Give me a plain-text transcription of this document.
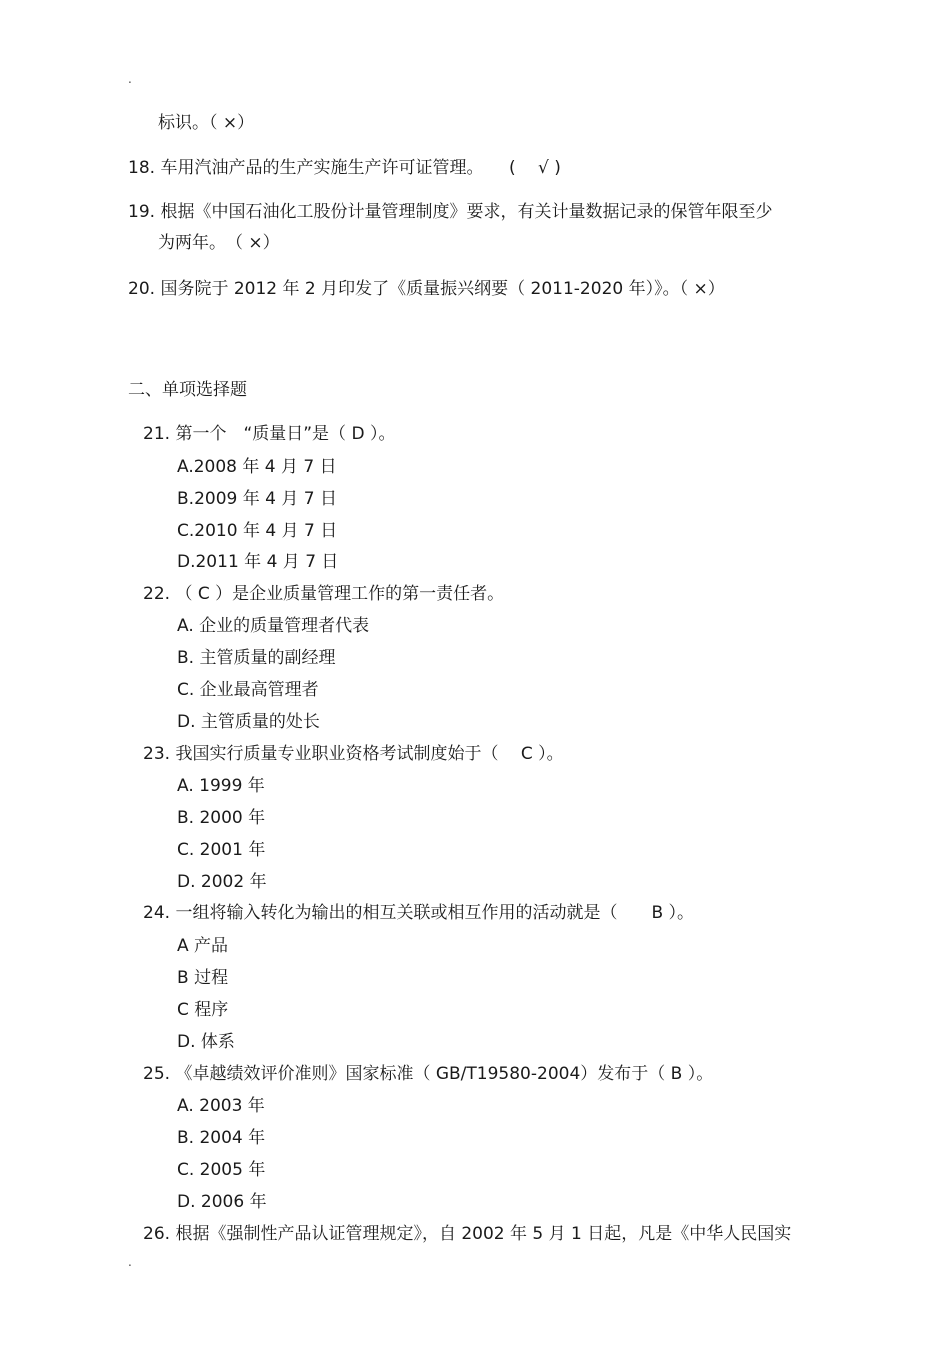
.
标识。（ ×）
18. 车用汽油产品的生产实施生产许可证管理。　　(　 √ )
19. 根据《中国石油化工股份计量管理制度》要求，有关计量数据记录的保管年限至少
为两年。　（ ×）
20. 国务院于 2012 年 2 月印发了《质量振兴纲要（ 2011-2020 年）》。（ ×）
二、单项选择题
21. 第一个　“质量日”是（ D ）。
A.2008 年 4 月 7 日
B.2009 年 4 月 7 日
C.2010 年 4 月 7 日
D.2011 年 4 月 7 日
22. （ C ）是企业质量管理工作的第一责任者。
A. 企业的质量管理者代表
B. 主管质量的副经理
C. 企业最高管理者
D. 主管质量的处长
23. 我国实行质量专业职业资格考试制度始于（　 C ）。
A. 1999 年
B. 2000 年
C. 2001 年
D. 2002 年
24. 一组将输入转化为输出的相互关联或相互作用的活动就是（　　B ）。
A 产品
B 过程
C 程序
D. 体系
25. 《卓越绩效评价准则》国家标准（ GB/T19580-2004）发布于（ B ）。
A. 2003 年
B. 2004 年
C. 2005 年
D. 2006 年
26. 根据《强制性产品认证管理规定》，自 2002 年 5 月 1 日起，凡是《中华人民国实
.
